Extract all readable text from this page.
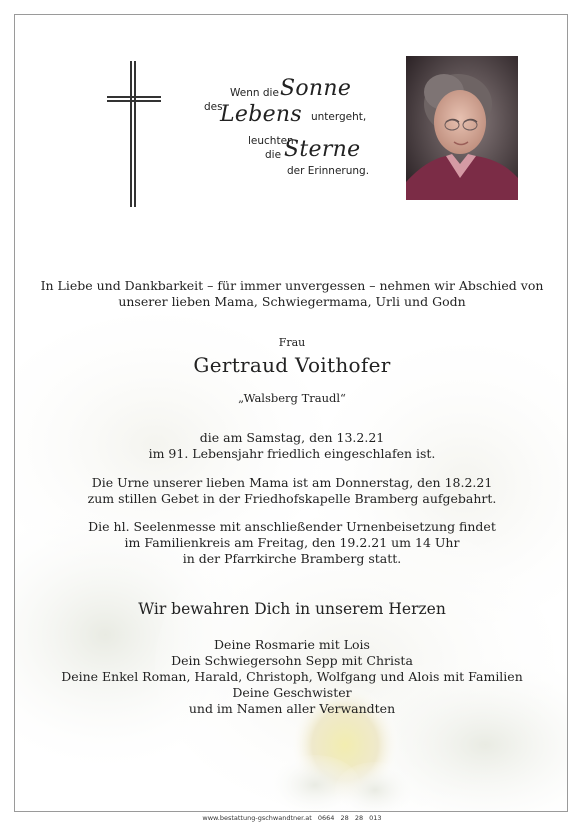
Wenn die Sonne
des
Lebens untergeht,
leuchten
die Sterne
der Erinnerung.
In Liebe und Dankbarkeit – für immer unvergessen – nehmen wir Abschied von
unserer lieben Mama, Schwiegermama, Urli und Godn
Frau
Gertraud Voithofer
„Walsberg Traudl“
die am Samstag, den 13.2.21
im 91. Lebensjahr friedlich eingeschlafen ist.
Die Urne unserer lieben Mama ist am Donnerstag, den 18.2.21
zum stillen Gebet in der Friedhofskapelle Bramberg aufgebahrt.
Die hl. Seelenmesse mit anschließender Urnenbeisetzung findet
im Familienkreis am Freitag, den 19.2.21 um 14 Uhr
in der Pfarrkirche Bramberg statt.
Wir bewahren Dich in unserem Herzen
Deine Rosmarie mit Lois
Dein Schwiegersohn Sepp mit Christa
Deine Enkel Roman, Harald, Christoph, Wolfgang und Alois mit Familien
Deine Geschwister
und im Namen aller Verwandten
www.bestattung-gschwandtner.at 0664 28 28 013
